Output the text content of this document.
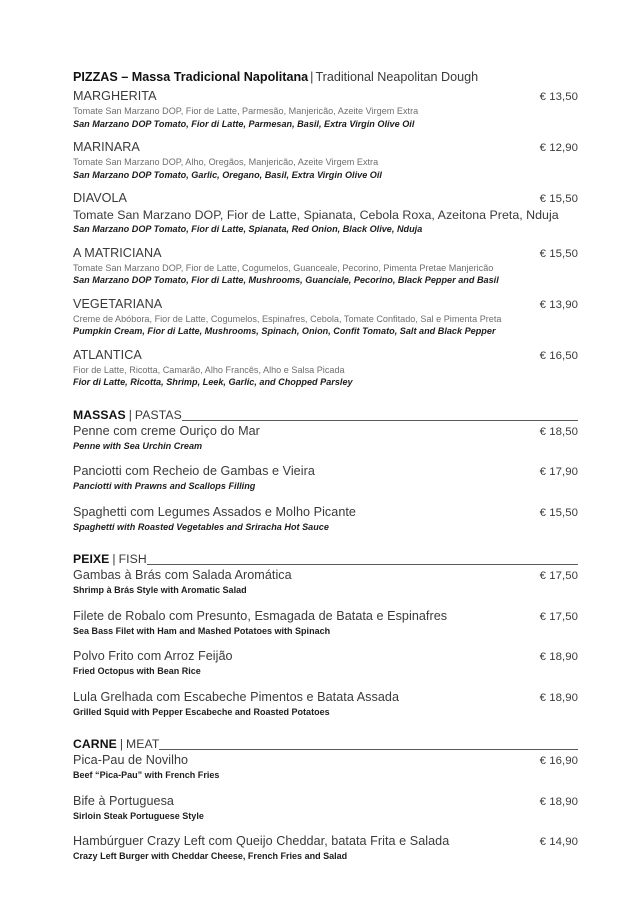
PIZZAS – Massa Tradicional Napolitana | Traditional Neapolitan Dough
MARGHERITA	€ 13,50
Tomate San Marzano DOP, Fior de Latte, Parmesão, Manjericão, Azeite Virgem Extra
San Marzano DOP Tomato, Fior di Latte, Parmesan, Basil, Extra Virgin Olive Oil
MARINARA	€ 12,90
Tomate San Marzano DOP, Alho, Oregãos, Manjericão, Azeite Virgem Extra
San Marzano DOP Tomato, Garlic, Oregano, Basil, Extra Virgin Olive Oil
DIAVOLA	€ 15,50
Tomate San Marzano DOP, Fior de Latte, Spianata, Cebola Roxa, Azeitona Preta, Nduja
San Marzano DOP Tomato, Fior di Latte, Spianata, Red Onion, Black Olive, Nduja
A MATRICIANA	€ 15,50
Tomate San Marzano DOP, Fior de Latte, Cogumelos, Guanceale, Pecorino, Pimenta Pretae Manjericão
San Marzano DOP Tomato, Fior di Latte, Mushrooms, Guanciale, Pecorino, Black Pepper and Basil
VEGETARIANA	€ 13,90
Creme de Abóbora, Fior de Latte, Cogumelos, Espinafres, Cebola, Tomate Confitado, Sal e Pimenta Preta
Pumpkin Cream, Fior di Latte, Mushrooms, Spinach, Onion, Confit Tomato, Salt and Black Pepper
ATLANTICA	€ 16,50
Fior de Latte, Ricotta, Camarão, Alho Francês, Alho e Salsa Picada
Fior di Latte, Ricotta, Shrimp, Leek, Garlic, and Chopped Parsley
MASSAS | PASTAS
Penne com creme Ouriço do Mar	€ 18,50
Penne with Sea Urchin Cream
Panciotti com Recheio de Gambas e Vieira	€ 17,90
Panciotti with Prawns and Scallops Filling
Spaghetti com Legumes Assados e Molho Picante	€ 15,50
Spaghetti with Roasted Vegetables and Sriracha Hot Sauce
PEIXE | FISH
Gambas à Brás com Salada Aromática	€ 17,50
Shrimp à Brás Style with Aromatic Salad
Filete de Robalo com Presunto, Esmagada de Batata e Espinafres	€ 17,50
Sea Bass Filet with Ham and Mashed Potatoes with Spinach
Polvo Frito com Arroz Feijão	€ 18,90
Fried Octopus with Bean Rice
Lula Grelhada com Escabeche Pimentos e Batata Assada	€ 18,90
Grilled Squid with Pepper Escabeche and Roasted Potatoes
CARNE | MEAT
Pica-Pau de Novilho	€ 16,90
Beef “Pica-Pau” with French Fries
Bife à Portuguesa	€ 18,90
Sirloin Steak Portuguese Style
Hambúrguer Crazy Left com Queijo Cheddar, batata Frita e Salada	€ 14,90
Crazy Left Burger with Cheddar Cheese, French Fries and Salad
